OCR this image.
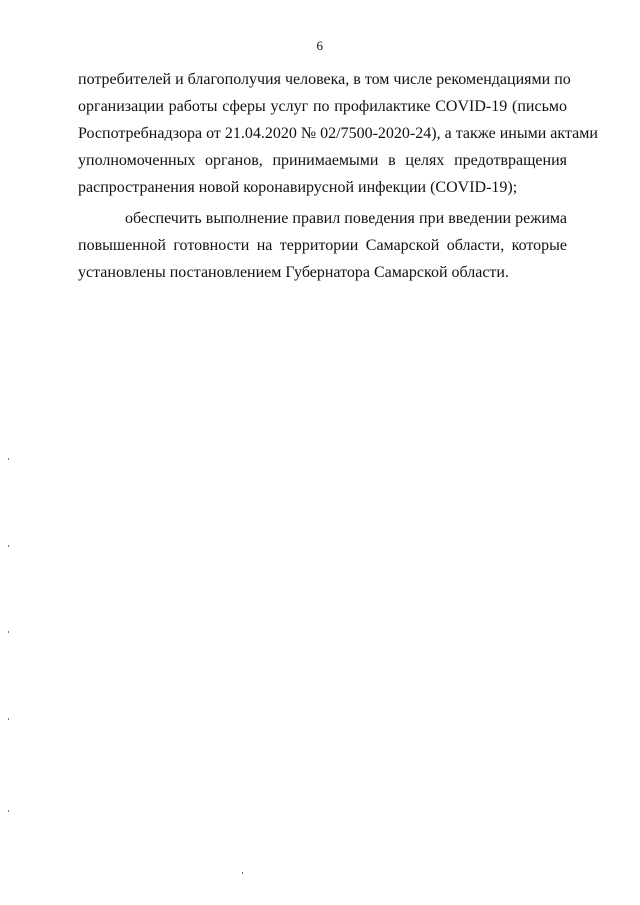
6
потребителей и благополучия человека, в том числе рекомендациями по
организации работы сферы услуг по профилактике COVID-19 (письмо
Роспотребнадзора от 21.04.2020 № 02/7500-2020-24), а также иными актами
уполномоченных органов, принимаемыми в целях предотвращения
распространения новой коронавирусной инфекции (COVID-19);
обеспечить выполнение правил поведения при введении режима
повышенной готовности на территории Самарской области, которые
установлены постановлением Губернатора Самарской области.
